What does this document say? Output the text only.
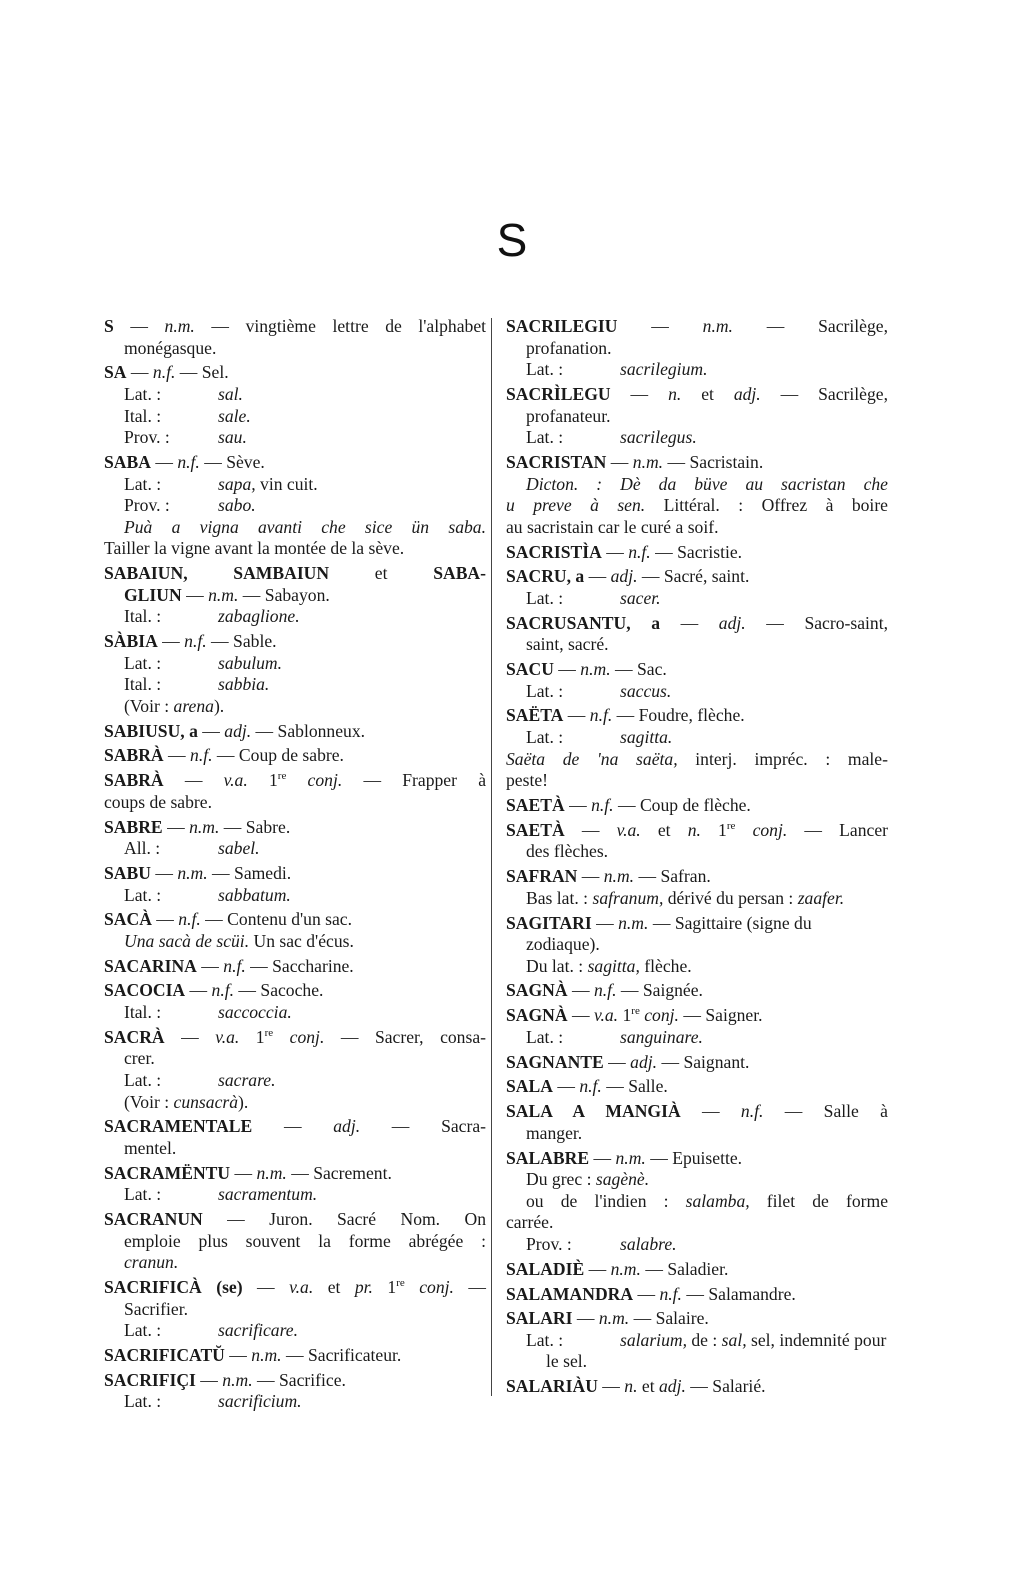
S
S — n.m. — vingtième lettre de l'alphabet
monégasque.
SA — n.f. — Sel.
Lat. :	sal.
Ital. :	sale.
Prov. :	sau.
SABA — n.f. — Sève.
Lat. :	sapa, vin cuit.
Prov. :	sabo.
Puà a vigna avanti che sice ün saba.
Tailler la vigne avant la montée de la sève.
SABAIUN, SAMBAIUN et SABA-
GLIUN — n.m. — Sabayon.
Ital. :	zabaglione.
SÀBIA — n.f. — Sable.
Lat. :	sabulum.
Ital. :	sabbia.
(Voir : arena).
SABIUSU, a — adj. — Sablonneux.
SABRÀ — n.f. — Coup de sabre.
SABRÀ — v.a. 1re conj. — Frapper à
coups de sabre.
SABRE — n.m. — Sabre.
All. :	sabel.
SABU — n.m. — Samedi.
Lat. :	sabbatum.
SACÀ — n.f. — Contenu d'un sac.
Una sacà de scüi. Un sac d'écus.
SACARINA — n.f. — Saccharine.
SACOCIA — n.f. — Sacoche.
Ital. :	saccoccia.
SACRÀ — v.a. 1re conj. — Sacrer, consa-
crer.
Lat. :	sacrare.
(Voir : cunsacrà).
SACRAMENTALE — adj. — Sacra-
mentel.
SACRAMËNTU — n.m. — Sacrement.
Lat. :	sacramentum.
SACRANUN — Juron. Sacré Nom. On
emploie plus souvent la forme abrégée :
cranun.
SACRIFICÀ (se) — v.a. et pr. 1re conj. —
Sacrifier.
Lat. :	sacrificare.
SACRIFICATŬ — n.m. — Sacrificateur.
SACRIFIÇI — n.m. — Sacrifice.
Lat. :	sacrificium.
SACRILEGIU — n.m. — Sacrilège,
profanation.
Lat. :	sacrilegium.
SACRÌLEGU — n. et adj. — Sacrilège,
profanateur.
Lat. :	sacrilegus.
SACRISTAN — n.m. — Sacristain.
Dicton. : Dè da büve au sacristan che
u preve à sen. Littéral. : Offrez à boire
au sacristain car le curé a soif.
SACRISTÌA — n.f. — Sacristie.
SACRU, a — adj. — Sacré, saint.
Lat. :	sacer.
SACRUSANTU, a — adj. — Sacro-saint,
saint, sacré.
SACU — n.m. — Sac.
Lat. :	saccus.
SAËTA — n.f. — Foudre, flèche.
Lat. :	sagitta.
Saëta de 'na saëta, interj. impréc. : male-
peste!
SAETÀ — n.f. — Coup de flèche.
SAETÀ — v.a. et n. 1re conj. — Lancer
des flèches.
SAFRAN — n.m. — Safran.
Bas lat. : safranum, dérivé du persan : zaafer.
SAGITARI — n.m. — Sagittaire (signe du zodiaque).
Du lat. : sagitta, flèche.
SAGNÀ — n.f. — Saignée.
SAGNÀ — v.a. 1re conj. — Saigner.
Lat. :	sanguinare.
SAGNANTE — adj. — Saignant.
SALA — n.f. — Salle.
SALA A MANGIÀ — n.f. — Salle à
manger.
SALABRE — n.m. — Epuisette.
Du grec : sagènè.
ou de l'indien : salamba, filet de forme
carrée.
Prov. :	salabre.
SALADIÈ — n.m. — Saladier.
SALAMANDRA — n.f. — Salamandre.
SALARI — n.m. — Salaire.
Lat. :	salarium, de : sal, sel, indemnité pour le sel.
SALARIÀU — n. et adj. — Salarié.
